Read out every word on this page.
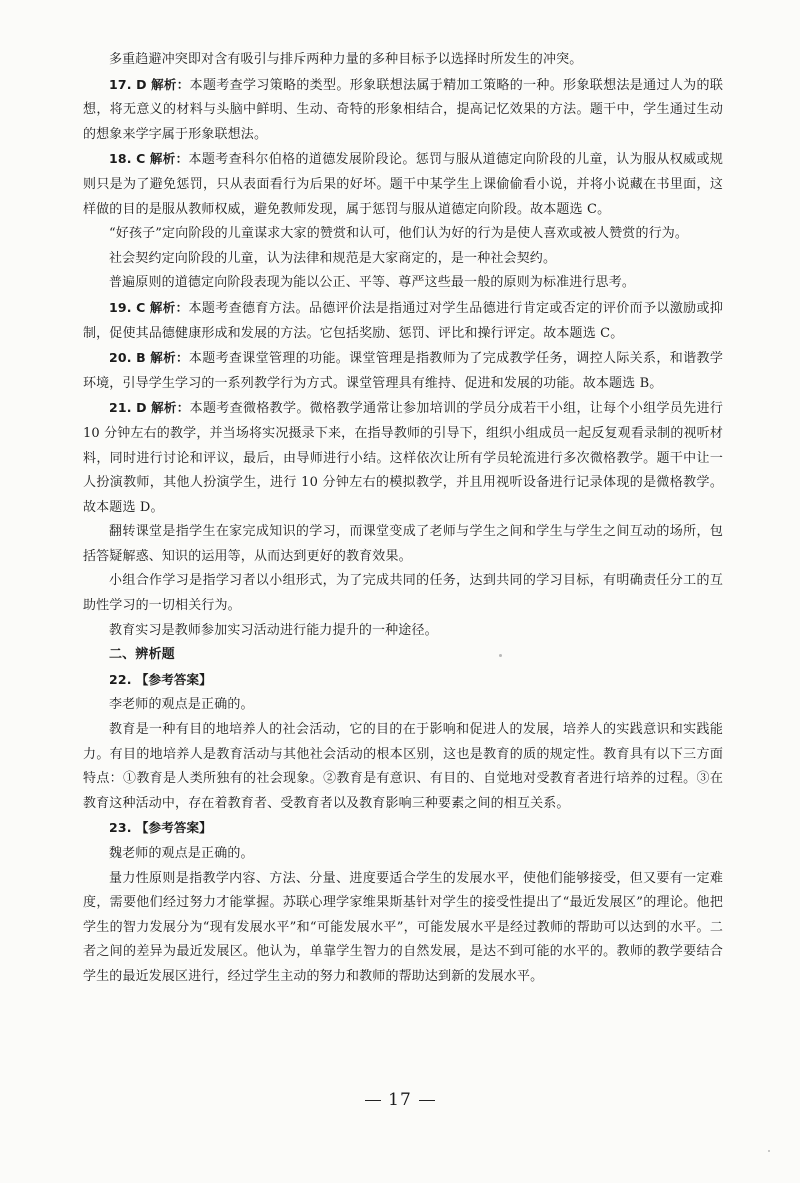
多重趋避冲突即对含有吸引与排斥两种力量的多种目标予以选择时所发生的冲突。

17. D 解析：本题考查学习策略的类型。形象联想法属于精加工策略的一种。形象联想法是通过人为的联想，将无意义的材料与头脑中鲜明、生动、奇特的形象相结合，提高记忆效果的方法。题干中，学生通过生动的想象来学字属于形象联想法。

18. C 解析：本题考查科尔伯格的道德发展阶段论。惩罚与服从道德定向阶段的儿童，认为服从权威或规则只是为了避免惩罚，只从表面看行为后果的好坏。题干中某学生上课偷偷看小说，并将小说藏在书里面，这样做的目的是服从教师权威，避免教师发现，属于惩罚与服从道德定向阶段。故本题选 C。

“好孩子”定向阶段的儿童谋求大家的赞赏和认可，他们认为好的行为是使人喜欢或被人赞赏的行为。

社会契约定向阶段的儿童，认为法律和规范是大家商定的，是一种社会契约。

普遍原则的道德定向阶段表现为能以公正、平等、尊严这些最一般的原则为标准进行思考。

19. C 解析：本题考查德育方法。品德评价法是指通过对学生品德进行肯定或否定的评价而予以激励或抑制，促使其品德健康形成和发展的方法。它包括奖励、惩罚、评比和操行评定。故本题选 C。

20. B 解析：本题考查课堂管理的功能。课堂管理是指教师为了完成教学任务，调控人际关系，和谐教学环境，引导学生学习的一系列教学行为方式。课堂管理具有维持、促进和发展的功能。故本题选 B。

21. D 解析：本题考查微格教学。微格教学通常让参加培训的学员分成若干小组，让每个小组学员先进行 10 分钟左右的教学，并当场将实况摄录下来，在指导教师的引导下，组织小组成员一起反复观看录制的视听材料，同时进行讨论和评议，最后，由导师进行小结。这样依次让所有学员轮流进行多次微格教学。题干中让一人扮演教师，其他人扮演学生，进行 10 分钟左右的模拟教学，并且用视听设备进行记录体现的是微格教学。故本题选 D。

翻转课堂是指学生在家完成知识的学习，而课堂变成了老师与学生之间和学生与学生之间互动的场所，包括答疑解惑、知识的运用等，从而达到更好的教育效果。

小组合作学习是指学习者以小组形式，为了完成共同的任务，达到共同的学习目标，有明确责任分工的互助性学习的一切相关行为。

教育实习是教师参加实习活动进行能力提升的一种途径。

二、辨析题

22. 【参考答案】

李老师的观点是正确的。

教育是一种有目的地培养人的社会活动，它的目的在于影响和促进人的发展，培养人的实践意识和实践能力。有目的地培养人是教育活动与其他社会活动的根本区别，这也是教育的质的规定性。教育具有以下三方面特点：①教育是人类所独有的社会现象。②教育是有意识、有目的、自觉地对受教育者进行培养的过程。③在教育这种活动中，存在着教育者、受教育者以及教育影响三种要素之间的相互关系。

23. 【参考答案】

魏老师的观点是正确的。

量力性原则是指教学内容、方法、分量、进度要适合学生的发展水平，使他们能够接受，但又要有一定难度，需要他们经过努力才能掌握。苏联心理学家维果斯基针对学生的接受性提出了“最近发展区”的理论。他把学生的智力发展分为“现有发展水平”和“可能发展水平”，可能发展水平是经过教师的帮助可以达到的水平。二者之间的差异为最近发展区。他认为，单靠学生智力的自然发展，是达不到可能的水平的。教师的教学要结合学生的最近发展区进行，经过学生主动的努力和教师的帮助达到新的发展水平。

17
